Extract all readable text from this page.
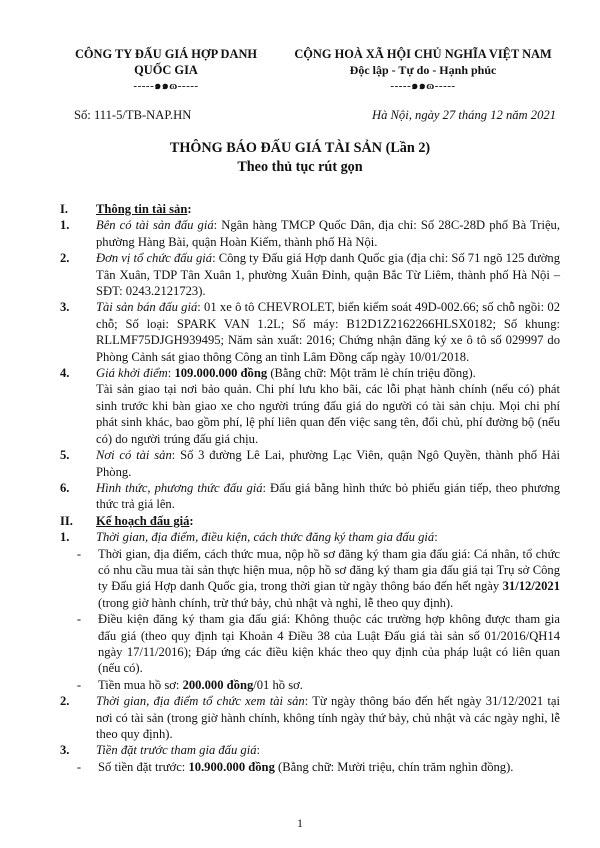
CÔNG TY ĐẤU GIÁ HỢP DANH
QUỐC GIA
-----๑๑ɷ-----
CỘNG HOÀ XÃ HỘI CHỦ NGHĨA VIỆT NAM
Độc lập - Tự do - Hạnh phúc
-----๑๑ɷ-----
Số: 111-5/TB-NAP.HN	Hà Nội, ngày 27 tháng 12 năm 2021
THÔNG BÁO ĐẤU GIÁ TÀI SẢN (Lần 2)
Theo thủ tục rút gọn
I.	Thông tin tài sản:
1.	Bên có tài sản đấu giá: Ngân hàng TMCP Quốc Dân, địa chỉ: Số 28C-28D phố Bà Triệu, phường Hàng Bài, quận Hoàn Kiếm, thành phố Hà Nội.
2.	Đơn vị tổ chức đấu giá: Công ty Đấu giá Hợp danh Quốc gia (địa chỉ: Số 71 ngõ 125 đường Tân Xuân, TDP Tân Xuân 1, phường Xuân Đỉnh, quận Bắc Từ Liêm, thành phố Hà Nội – SĐT: 0243.2121723).
3.	Tài sản bán đấu giá: 01 xe ô tô CHEVROLET, biển kiểm soát 49D-002.66; số chỗ ngồi: 02 chỗ; Số loại: SPARK VAN 1.2L; Số máy: B12D1Z2162266HLSX0182; Số khung: RLLMF75DJGH939495; Năm sản xuất: 2016; Chứng nhận đăng ký xe ô tô số 029997 do Phòng Cảnh sát giao thông Công an tỉnh Lâm Đồng cấp ngày 10/01/2018.
4.	Giá khởi điểm: 109.000.000 đồng (Bằng chữ: Một trăm lẻ chín triệu đồng).
Tài sản giao tại nơi bảo quản. Chi phí lưu kho bãi, các lỗi phạt hành chính (nếu có) phát sinh trước khi bàn giao xe cho người trúng đấu giá do người có tài sản chịu. Mọi chi phí phát sinh khác, bao gồm phí, lệ phí liên quan đến việc sang tên, đổi chủ, phí đường bộ (nếu có) do người trúng đấu giá chịu.
5.	Nơi có tài sản: Số 3 đường Lê Lai, phường Lạc Viên, quận Ngô Quyền, thành phố Hải Phòng.
6.	Hình thức, phương thức đấu giá: Đấu giá bằng hình thức bỏ phiếu gián tiếp, theo phương thức trả giá lên.
II.	Kế hoạch đấu giá:
1.	Thời gian, địa điểm, điều kiện, cách thức đăng ký tham gia đấu giá:
-	Thời gian, địa điểm, cách thức mua, nộp hồ sơ đăng ký tham gia đấu giá: Cá nhân, tổ chức có nhu cầu mua tài sản thực hiện mua, nộp hồ sơ đăng ký tham gia đấu giá tại Trụ sở Công ty Đấu giá Hợp danh Quốc gia, trong thời gian từ ngày thông báo đến hết ngày 31/12/2021 (trong giờ hành chính, trừ thứ bảy, chủ nhật và nghỉ, lễ theo quy định).
-	Điều kiện đăng ký tham gia đấu giá: Không thuộc các trường hợp không được tham gia đấu giá (theo quy định tại Khoản 4 Điều 38 của Luật Đấu giá tài sản số 01/2016/QH14 ngày 17/11/2016); Đáp ứng các điều kiện khác theo quy định của pháp luật có liên quan (nếu có).
-	Tiền mua hồ sơ: 200.000 đồng/01 hồ sơ.
2.	Thời gian, địa điểm tổ chức xem tài sản: Từ ngày thông báo đến hết ngày 31/12/2021 tại nơi có tài sản (trong giờ hành chính, không tính ngày thứ bảy, chủ nhật và các ngày nghỉ, lễ theo quy định).
3.	Tiền đặt trước tham gia đấu giá:
-	Số tiền đặt trước: 10.900.000 đồng (Bằng chữ: Mười triệu, chín trăm nghìn đồng).
1
